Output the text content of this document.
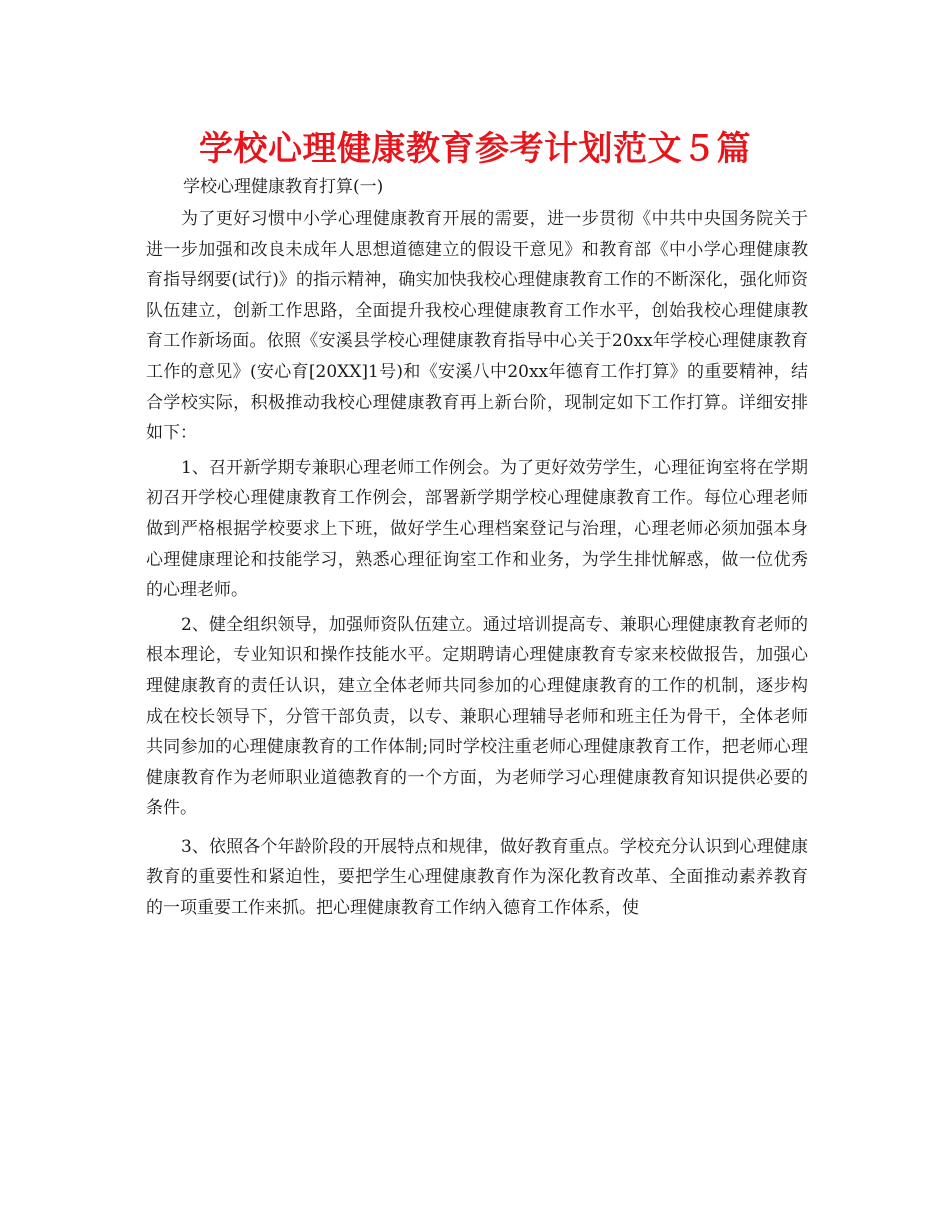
学校心理健康教育参考计划范文５篇

学校心理健康教育打算(一)

为了更好习惯中小学心理健康教育开展的需要，进一步贯彻《中共中央国务院关于进一步加强和改良未成年人思想道德建立的假设干意见》和教育部《中小学心理健康教育指导纲要(试行)》的指示精神，确实加快我校心理健康教育工作的不断深化，强化师资队伍建立，创新工作思路，全面提升我校心理健康教育工作水平，创始我校心理健康教育工作新场面。依照《安溪县学校心理健康教育指导中心关于20xx年学校心理健康教育工作的意见》(安心育[20XX]1号)和《安溪八中20xx年德育工作打算》的重要精神，结合学校实际，积极推动我校心理健康教育再上新台阶，现制定如下工作打算。详细安排如下：

1、召开新学期专兼职心理老师工作例会。为了更好效劳学生，心理征询室将在学期初召开学校心理健康教育工作例会，部署新学期学校心理健康教育工作。每位心理老师做到严格根据学校要求上下班，做好学生心理档案登记与治理，心理老师必须加强本身心理健康理论和技能学习，熟悉心理征询室工作和业务，为学生排忧解惑，做一位优秀的心理老师。

2、健全组织领导，加强师资队伍建立。通过培训提高专、兼职心理健康教育老师的根本理论，专业知识和操作技能水平。定期聘请心理健康教育专家来校做报告，加强心理健康教育的责任认识，建立全体老师共同参加的心理健康教育的工作的机制，逐步构成在校长领导下，分管干部负责，以专、兼职心理辅导老师和班主任为骨干，全体老师共同参加的心理健康教育的工作体制;同时学校注重老师心理健康教育工作，把老师心理健康教育作为老师职业道德教育的一个方面，为老师学习心理健康教育知识提供必要的条件。

3、依照各个年龄阶段的开展特点和规律，做好教育重点。学校充分认识到心理健康教育的重要性和紧迫性，要把学生心理健康教育作为深化教育改革、全面推动素养教育的一项重要工作来抓。把心理健康教育工作纳入德育工作体系，使
